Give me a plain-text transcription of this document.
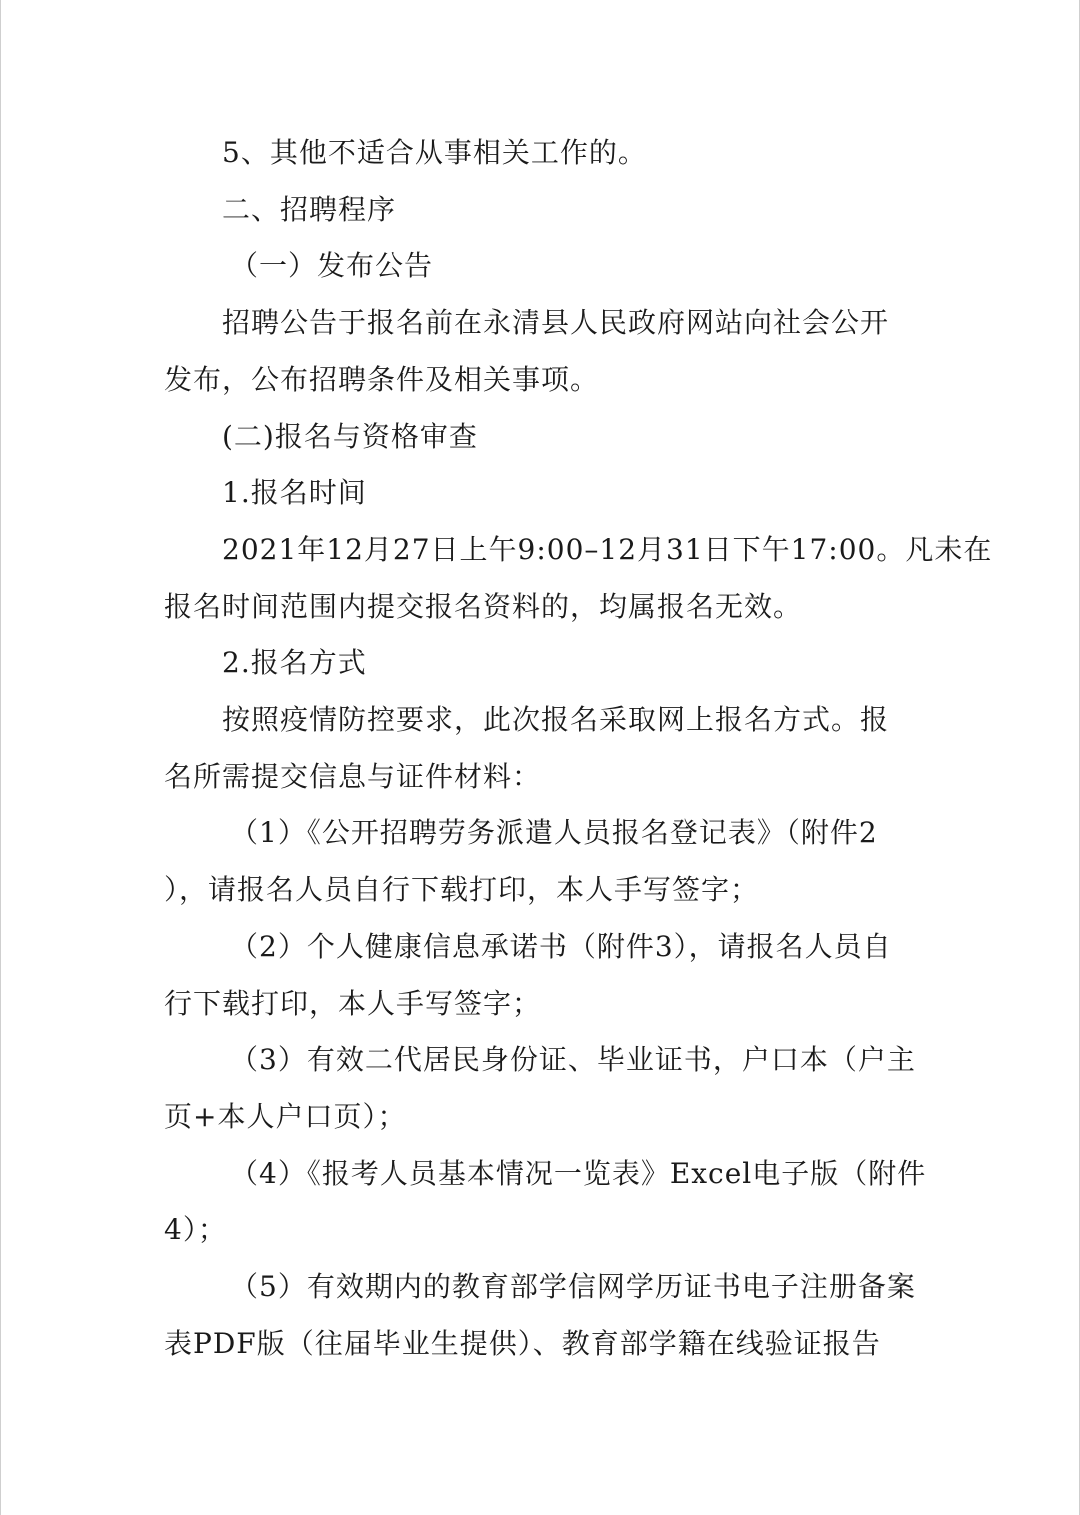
5、其他不适合从事相关工作的。

二、招聘程序

（一）发布公告

招聘公告于报名前在永清县人民政府网站向社会公开

发布，公布招聘条件及相关事项。

(二)报名与资格审查

1.报名时间

2021年12月27日上午9:00–12月31日下午17:00。凡未在

报名时间范围内提交报名资料的，均属报名无效。

2.报名方式

按照疫情防控要求，此次报名采取网上报名方式。报

名所需提交信息与证件材料：

（1）《公开招聘劳务派遣人员报名登记表》（附件2

），请报名人员自行下载打印，本人手写签字；

（2）个人健康信息承诺书（附件3），请报名人员自

行下载打印，本人手写签字；

（3）有效二代居民身份证、毕业证书，户口本（户主

页+本人户口页）；

（4）《报考人员基本情况一览表》Excel电子版（附件

4）；

（5）有效期内的教育部学信网学历证书电子注册备案

表PDF版（往届毕业生提供）、教育部学籍在线验证报告
